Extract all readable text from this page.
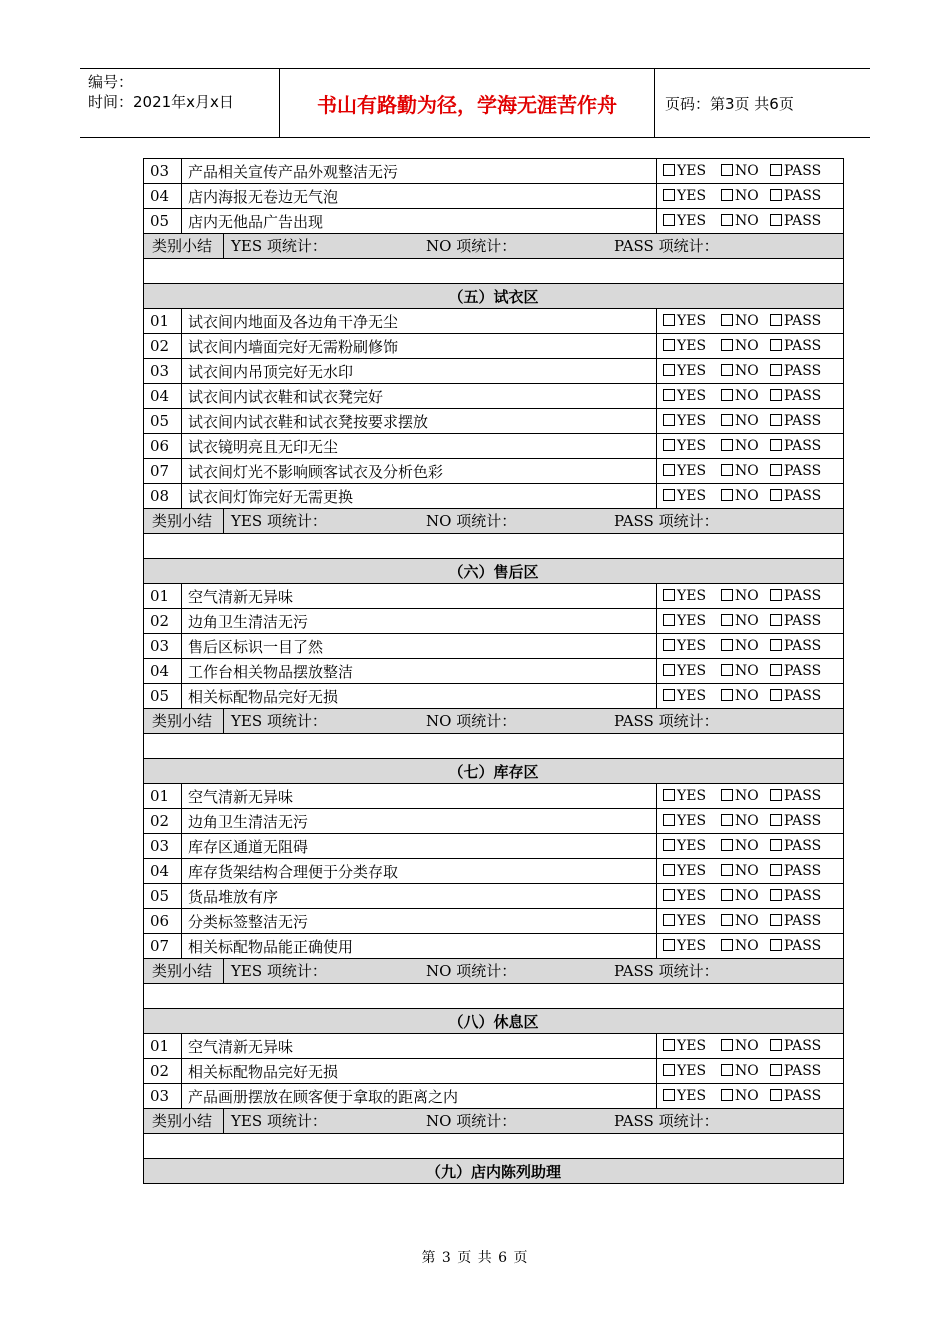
编号：
时间：2021年x月x日	书山有路勤为径，学海无涯苦作舟	页码：第3页 共6页
03	产品相关宣传产品外观整洁无污	YES NO PASS
04	店内海报无卷边无气泡	YES NO PASS
05	店内无他品广告出现	YES NO PASS

类别小结 YES 项统计： NO 项统计： PASS 项统计：		

（五）试衣区		
01	试衣间内地面及各边角干净无尘	YES NO PASS
02	试衣间内墙面完好无需粉刷修饰	YES NO PASS
03	试衣间内吊顶完好无水印	YES NO PASS
04	试衣间内试衣鞋和试衣凳完好	YES NO PASS
05	试衣间内试衣鞋和试衣凳按要求摆放	YES NO PASS
06	试衣镜明亮且无印无尘	YES NO PASS
07	试衣间灯光不影响顾客试衣及分析色彩	YES NO PASS
08	试衣间灯饰完好无需更换	YES NO PASS

类别小结 YES 项统计： NO 项统计： PASS 项统计：		

（六）售后区		
01	空气清新无异味	YES NO PASS
02	边角卫生清洁无污	YES NO PASS
03	售后区标识一目了然	YES NO PASS
04	工作台相关物品摆放整洁	YES NO PASS
05	相关标配物品完好无损	YES NO PASS

类别小结 YES 项统计： NO 项统计： PASS 项统计：		

（七）库存区		
01	空气清新无异味	YES NO PASS
02	边角卫生清洁无污	YES NO PASS
03	库存区通道无阻碍	YES NO PASS
04	库存货架结构合理便于分类存取	YES NO PASS
05	货品堆放有序	YES NO PASS
06	分类标签整洁无污	YES NO PASS
07	相关标配物品能正确使用	YES NO PASS

类别小结 YES 项统计： NO 项统计： PASS 项统计：		

（八）休息区		
01	空气清新无异味	YES NO PASS
02	相关标配物品完好无损	YES NO PASS
03	产品画册摆放在顾客便于拿取的距离之内	YES NO PASS

类别小结 YES 项统计： NO 项统计： PASS 项统计：		

（九）店内陈列助理		
第 3 页 共 6 页
